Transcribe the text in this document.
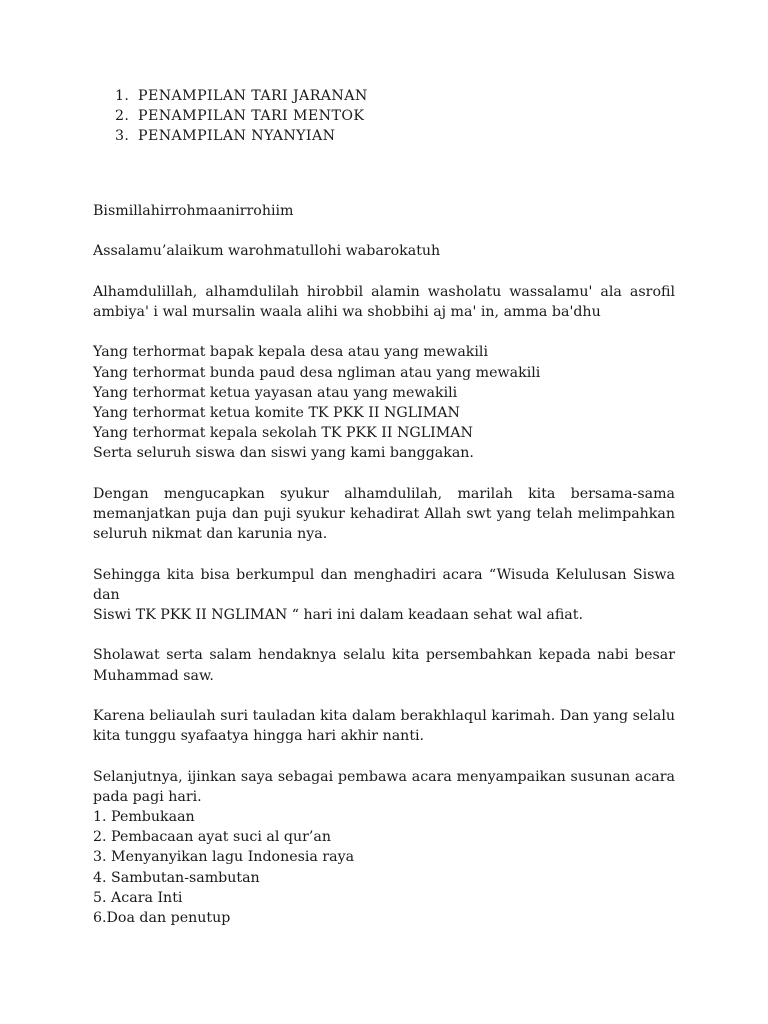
1. PENAMPILAN TARI JARANAN
2. PENAMPILAN TARI MENTOK
3. PENAMPILAN NYANYIAN

Bismillahirrohmaanirrohiim

Assalamu’alaikum warohmatullohi wabarokatuh

Alhamdulillah, alhamdulilah hirobbil alamin washolatu wassalamu' ala asrofil
ambiya' i wal mursalin waala alihi wa shobbihi aj ma' in, amma ba'dhu

Yang terhormat bapak kepala desa atau yang mewakili
Yang terhormat bunda paud desa ngliman atau yang mewakili
Yang terhormat ketua yayasan atau yang mewakili
Yang terhormat ketua komite TK PKK II NGLIMAN
Yang terhormat kepala sekolah TK PKK II NGLIMAN
Serta seluruh siswa dan siswi yang kami banggakan.

Dengan mengucapkan syukur alhamdulilah, marilah kita bersama-sama
memanjatkan puja dan puji syukur kehadirat Allah swt yang telah melimpahkan
seluruh nikmat dan karunia nya.

Sehingga kita bisa berkumpul dan menghadiri acara “Wisuda Kelulusan Siswa dan
Siswi TK PKK II NGLIMAN “ hari ini dalam keadaan sehat wal afiat.

Sholawat serta salam hendaknya selalu kita persembahkan kepada nabi besar
Muhammad saw.

Karena beliaulah suri tauladan kita dalam berakhlaqul karimah. Dan yang selalu
kita tunggu syafaatya hingga hari akhir nanti.

Selanjutnya, ijinkan saya sebagai pembawa acara menyampaikan susunan acara
pada pagi hari.
1. Pembukaan
2. Pembacaan ayat suci al qur’an
3. Menyanyikan lagu Indonesia raya
4. Sambutan-sambutan
5. Acara Inti
6.Doa dan penutup
